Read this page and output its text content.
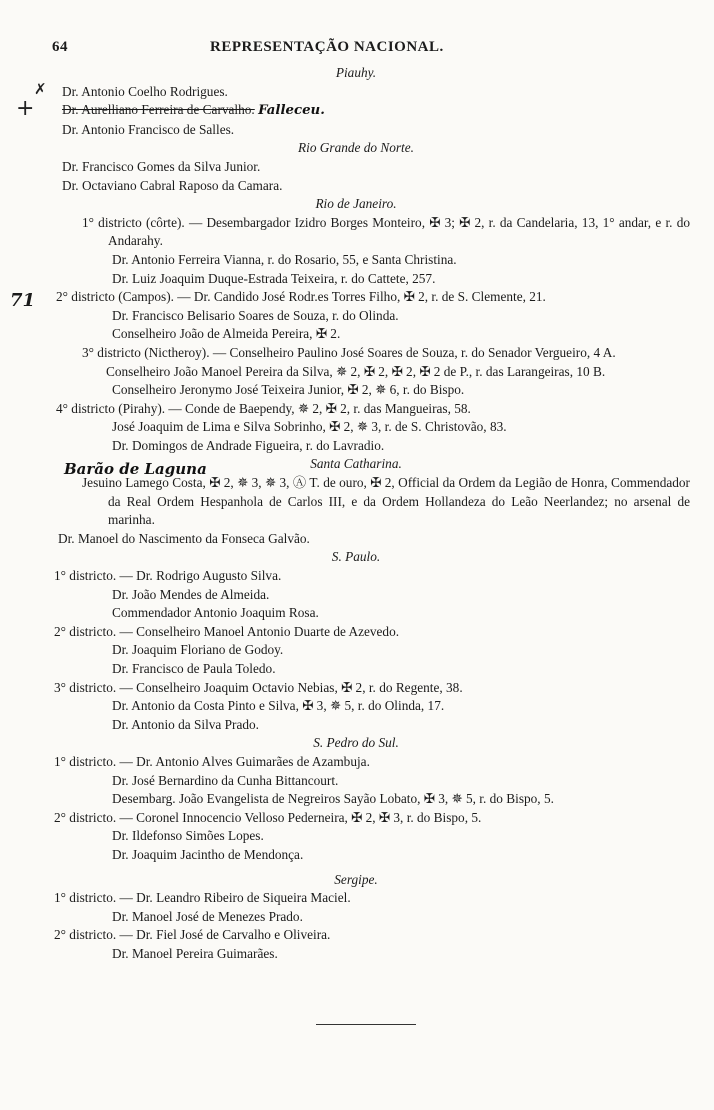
64	REPRESENTAÇÃO NACIONAL.
+
✗
71

Piauhy.

Dr. Antonio Coelho Rodrigues.
Dr. Aurelliano Ferreira de Carvalho. Falleceu.
Dr. Antonio Francisco de Salles.

Rio Grande do Norte.

Dr. Francisco Gomes da Silva Junior.
Dr. Octaviano Cabral Raposo da Camara.

Rio de Janeiro.

1° districto (côrte). — Desembargador Izidro Borges Monteiro, ✠ 3; ✠ 2, r. da Candelaria, 13, 1° andar, e r. do Andarahy.
Dr. Antonio Ferreira Vianna, r. do Rosario, 55, e Santa Christina.
Dr. Luiz Joaquim Duque-Estrada Teixeira, r. do Cattete, 257.
2° districto (Campos). — Dr. Candido José Rodr.es Torres Filho, ✠ 2, r. de S. Clemente, 21.
Dr. Francisco Belisario Soares de Souza, r. do Olinda.
Conselheiro João de Almeida Pereira, ✠ 2.
3° districto (Nictheroy). — Conselheiro Paulino José Soares de Souza, r. do Senador Vergueiro, 4 A.
Conselheiro João Manoel Pereira da Silva, ✵ 2, ✠ 2, ✠ 2, ✠ 2 de P., r. das Larangeiras, 10 B.
Conselheiro Jeronymo José Teixeira Junior, ✠ 2, ✵ 6, r. do Bispo.
4° districto (Pirahy). — Conde de Baependy, ✵ 2, ✠ 2, r. das Mangueiras, 58.
José Joaquim de Lima e Silva Sobrinho, ✠ 2, ✵ 3, r. de S. Christovão, 83.
Dr. Domingos de Andrade Figueira, r. do Lavradio.

Santa Catharina.

Barão de Laguna
Jesuino Lamego Costa, ✠ 2, ✵ 3, ✵ 3, Ⓐ T. de ouro, ✠ 2, Official da Ordem da Legião de Honra, Commendador da Real Ordem Hespanhola de Carlos III, e da Ordem Hollandeza do Leão Neerlandez; no arsenal de marinha.
Dr. Manoel do Nascimento da Fonseca Galvão.

S. Paulo.

1° districto. — Dr. Rodrigo Augusto Silva.
Dr. João Mendes de Almeida.
Commendador Antonio Joaquim Rosa.
2° districto. — Conselheiro Manoel Antonio Duarte de Azevedo.
Dr. Joaquim Floriano de Godoy.
Dr. Francisco de Paula Toledo.
3° districto. — Conselheiro Joaquim Octavio Nebias, ✠ 2, r. do Regente, 38.
Dr. Antonio da Costa Pinto e Silva, ✠ 3, ✵ 5, r. do Olinda, 17.
Dr. Antonio da Silva Prado.

S. Pedro do Sul.

1° districto. — Dr. Antonio Alves Guimarães de Azambuja.
Dr. José Bernardino da Cunha Bittancourt.
Desembarg. João Evangelista de Negreiros Sayão Lobato, ✠ 3, ✵ 5, r. do Bispo, 5.
2° districto. — Coronel Innocencio Velloso Pederneira, ✠ 2, ✠ 3, r. do Bispo, 5.
Dr. Ildefonso Simões Lopes.
Dr. Joaquim Jacintho de Mendonça.

Sergipe.

1° districto. — Dr. Leandro Ribeiro de Siqueira Maciel.
Dr. Manoel José de Menezes Prado.
2° districto. — Dr. Fiel José de Carvalho e Oliveira.
Dr. Manoel Pereira Guimarães.
